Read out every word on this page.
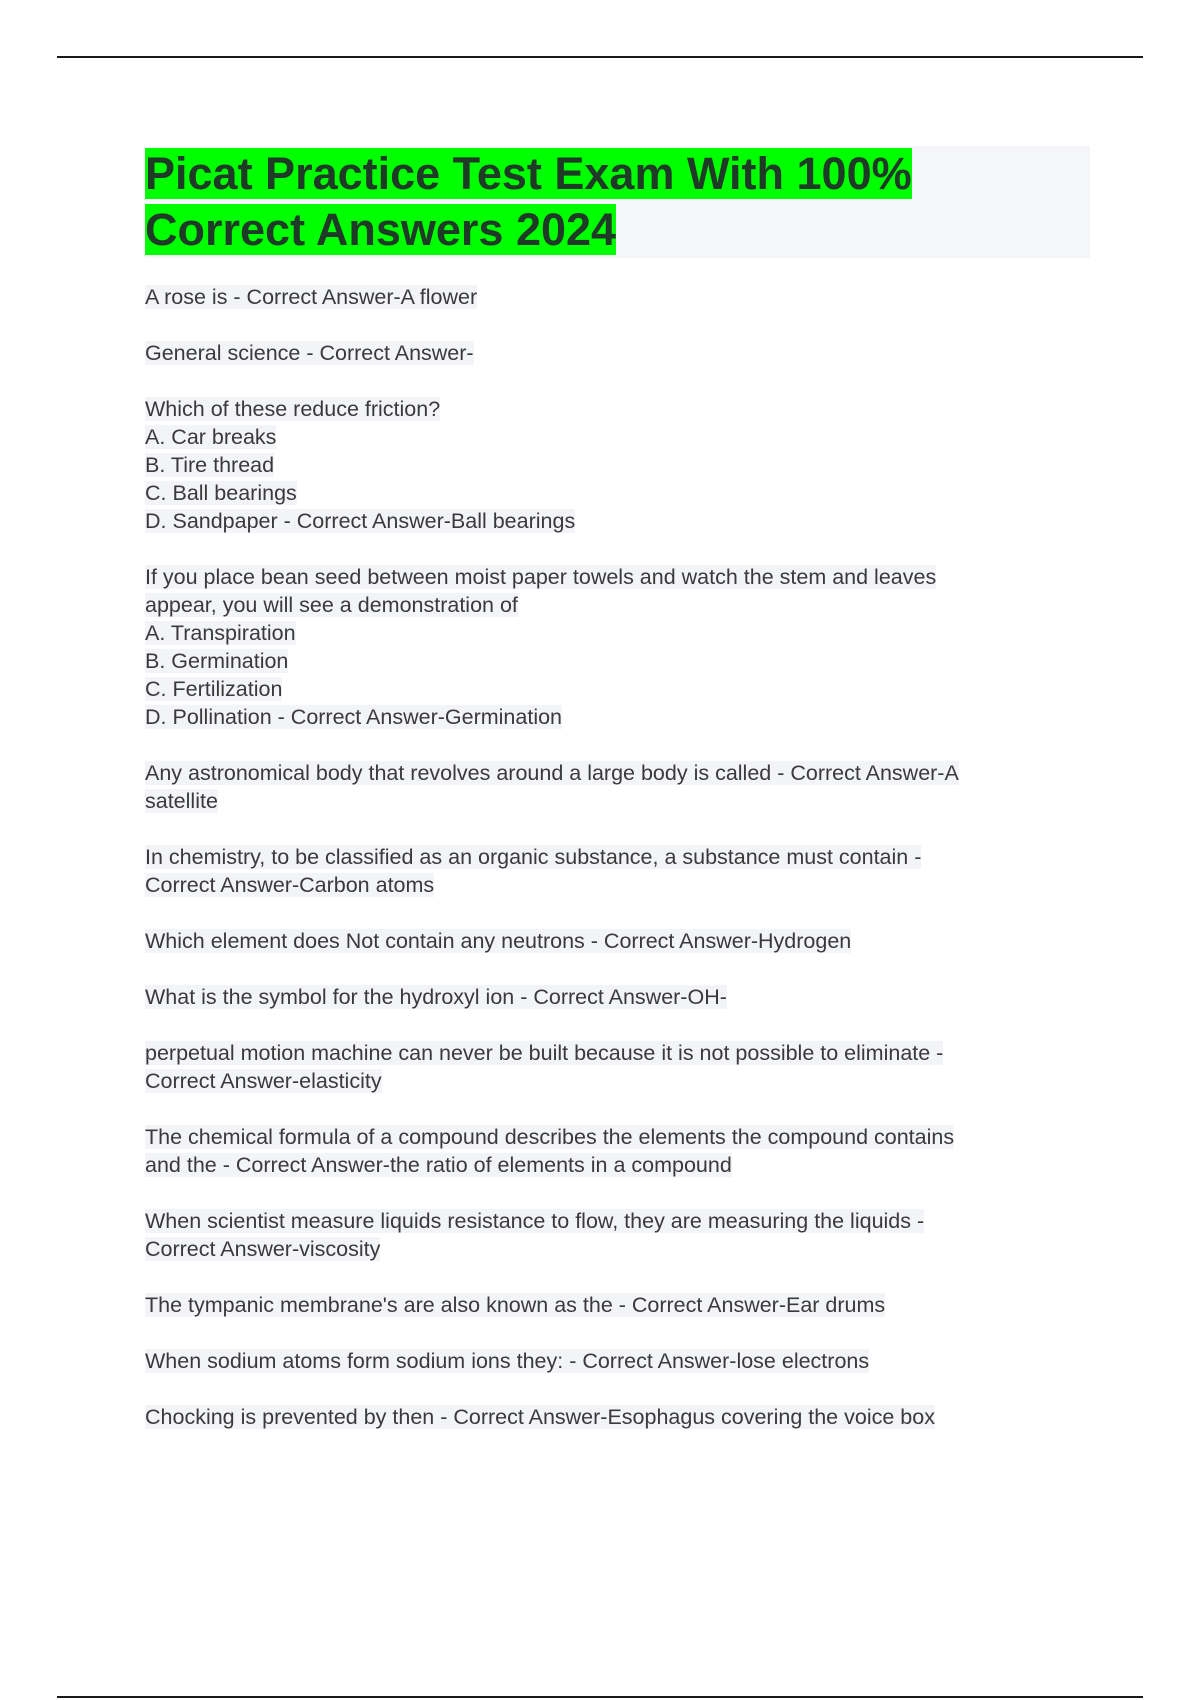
Picat Practice Test Exam With 100%
Correct Answers 2024

A rose is - Correct Answer-A flower

General science - Correct Answer-

Which of these reduce friction?
A. Car breaks
B. Tire thread
C. Ball bearings
D. Sandpaper - Correct Answer-Ball bearings

If you place bean seed between moist paper towels and watch the stem and leaves
appear, you will see a demonstration of
A. Transpiration
B. Germination
C. Fertilization
D. Pollination - Correct Answer-Germination

Any astronomical body that revolves around a large body is called - Correct Answer-A
satellite

In chemistry, to be classified as an organic substance, a substance must contain -
Correct Answer-Carbon atoms

Which element does Not contain any neutrons - Correct Answer-Hydrogen

What is the symbol for the hydroxyl ion - Correct Answer-OH-

perpetual motion machine can never be built because it is not possible to eliminate -
Correct Answer-elasticity

The chemical formula of a compound describes the elements the compound contains
and the - Correct Answer-the ratio of elements in a compound

When scientist measure liquids resistance to flow, they are measuring the liquids -
Correct Answer-viscosity

The tympanic membrane's are also known as the - Correct Answer-Ear drums

When sodium atoms form sodium ions they: - Correct Answer-lose electrons

Chocking is prevented by then - Correct Answer-Esophagus covering the voice box
